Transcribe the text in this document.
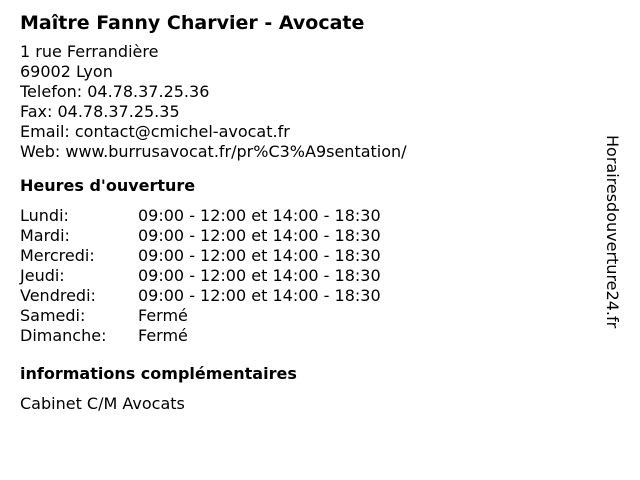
Maître Fanny Charvier - Avocate
1 rue Ferrandière
69002 Lyon
Telefon: 04.78.37.25.36
Fax: 04.78.37.25.35
Email: contact@cmichel-avocat.fr
Web: www.burrusavocat.fr/pr%C3%A9sentation/
Heures d'ouverture
Lundi:	09:00 - 12:00 et 14:00 - 18:30
Mardi:	09:00 - 12:00 et 14:00 - 18:30
Mercredi:	09:00 - 12:00 et 14:00 - 18:30
Jeudi:	09:00 - 12:00 et 14:00 - 18:30
Vendredi:	09:00 - 12:00 et 14:00 - 18:30
Samedi:	Fermé
Dimanche:	Fermé
informations complémentaires
Cabinet C/M Avocats
Horairesdouverture24.fr
